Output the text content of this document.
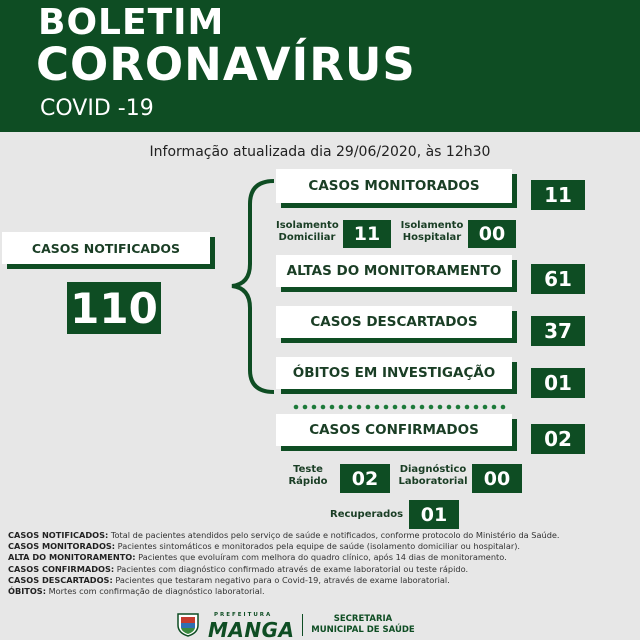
BOLETIM
CORONAVÍRUS
COVID -19
Informação atualizada dia 29/06/2020, às 12h30
CASOS NOTIFICADOS
110
CASOS MONITORADOS	11
Isolamento Domiciliar 11 Isolamento Hospitalar 00
ALTAS DO MONITORAMENTO 61
CASOS DESCARTADOS	37
ÓBITOS EM INVESTIGAÇÃO 01
CASOS CONFIRMADOS	02
Teste Rápido 02 Diagnóstico Laboratorial 00
Recuperados 01
CASOS NOTIFICADOS: Total de pacientes atendidos pelo serviço de saúde e notificados, conforme protocolo do Ministério da Saúde.
CASOS MONITORADOS: Pacientes sintomáticos e monitorados pela equipe de saúde (isolamento domiciliar ou hospitalar).
ALTA DO MONITORAMENTO: Pacientes que evoluíram com melhora do quadro clínico, após 14 dias de monitoramento.
CASOS CONFIRMADOS: Pacientes com diagnóstico confirmado através de exame laboratorial ou teste rápido.
CASOS DESCARTADOS: Pacientes que testaram negativo para o Covid-19, através de exame laboratorial.
ÓBITOS: Mortes com confirmação de diagnóstico laboratorial.
PREFEITURA
MANGA	SECRETARIA MUNICIPAL DE SAÚDE
